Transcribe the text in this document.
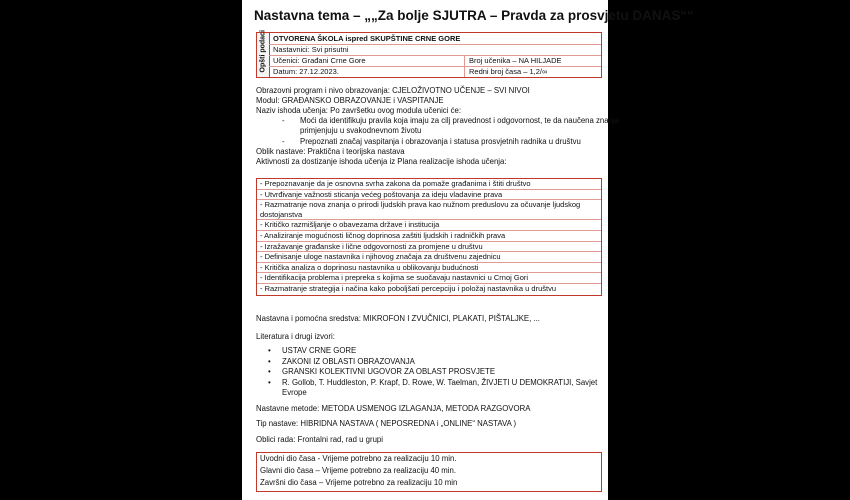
Nastavna tema – „„Za bolje SJUTRA – Pravda za prosvjetu DANAS““
Opšti podaci OTVORENA ŠKOLA ispred SKUPŠTINE CRNE GORE
Nastavnici: Svi prisutni
Učenici: Građani Crne Gore	Broj učenika – NA HILJADE
Datum: 27.12.2023.	Redni broj časa – 1,2/∞
Obrazovni program i nivo obrazovanja: CJELOŽIVOTNO UČENJE – SVI NIVOI
Modul: GRAĐANSKO OBRAZOVANJE i VASPITANJE
Naziv ishoda učenja: Po završetku ovog modula učenici će:
- Moći da identifikuju pravila koja imaju za cilj pravednost i odgovornost, te da naučena znanja
primjenjuju u svakodnevnom životu
- Prepoznati značaj vaspitanja i obrazovanja i statusa prosvjetnih radnika u društvu
Oblik nastave: Praktična i teorijska nastava
Aktivnosti za dostizanje ishoda učenja iz Plana realizacije ishoda učenja:
- Prepoznavanje da je osnovna svrha zakona da pomaže građanima i štiti društvo
- Utvrđivanje važnosti sticanja većeg poštovanja za ideju vladavine prava
- Razmatranje nova znanja o prirodi ljudskih prava kao nužnom preduslovu za očuvanje ljudskog
dostojanstva
- Kritičko razmišljanje o obavezama države i institucija
- Analiziranje mogućnosti ličnog doprinosa zaštiti ljudskih i radničkih prava
- Izražavanje građanske i lične odgovornosti za promjene u društvu
- Definisanje uloge nastavnika i njihovog značaja za društvenu zajednicu
- Kritička analiza o doprinosu nastavnika u oblikovanju budućnosti
- Identifikacija problema i prepreka s kojima se suočavaju nastavnici u Crnoj Gori
- Razmatranje strategija i načina kako poboljšati percepciju i položaj nastavnika u društvu
Nastavna i pomoćna sredstva: MIKROFON I ZVUČNICI, PLAKATI, PIŠTALJKE, ...
Literatura i drugi izvori:
• USTAV CRNE GORE
• ZAKONI IZ OBLASTI OBRAZOVANJA
• GRANSKI KOLEKTIVNI UGOVOR ZA OBLAST PROSVJETE
• R. Gollob, T. Huddleston, P. Krapf, D. Rowe, W. Taelman, ŽIVJETI U DEMOKRATIJI, Savjet
Evrope
Nastavne metode: METODA USMENOG IZLAGANJA, METODA RAZGOVORA
Tip nastave: HIBRIDNA NASTAVA ( NEPOSREDNA i „ONLINE“ NASTAVA )
Oblici rada: Frontalni rad, rad u grupi
Uvodni dio časa - Vrijeme potrebno za realizaciju 10 min.
Glavni dio časa – Vrijeme potrebno za realizaciju 40 min.
Završni dio časa – Vrijeme potrebno za realizaciju 10 min
